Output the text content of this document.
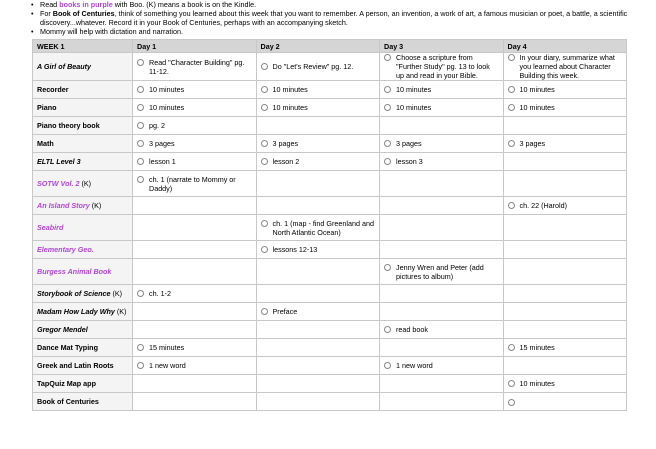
• Read books in purple with Boo. (K) means a book is on the Kindle.
• For Book of Centuries, think of something you learned about this week that you want to remember. A person, an invention, a work of art, a famous musician or poet, a battle, a scientific discovery...whatever. Record it in your Book of Centuries, perhaps with an accompanying sketch.
• Mommy will help with dictation and narration.
WEEK 1	Day 1	Day 2	Day 3	Day 4
A Girl of Beauty	Read "Character Building" pg. 11-12.	Do "Let's Review" pg. 12.	Choose a scripture from "Further Study" pg. 13 to look up and read in your Bible.	In your diary, summarize what you learned about Character Building this week.

Recorder	10 minutes	10 minutes	10 minutes	10 minutes

Piano	10 minutes	10 minutes	10 minutes	10 minutes

Piano theory book	pg. 2			

Math	3 pages	3 pages	3 pages	3 pages

ELTL Level 3	lesson 1	lesson 2	lesson 3	

SOTW Vol. 2 (K)	ch. 1 (narrate to Mommy or Daddy)			

An Island Story (K)				ch. 22 (Harold)

Seabird		ch. 1 (map - find Greenland and North Atlantic Ocean)		

Elementary Geo.		lessons 12-13		

Burgess Animal Book			Jenny Wren and Peter (add pictures to album)	

Storybook of Science (K)	ch. 1-2			

Madam How Lady Why (K)		Preface		

Gregor Mendel			read book	

Dance Mat Typing	15 minutes			15 minutes

Greek and Latin Roots	1 new word		1 new word	

TapQuiz Map app				10 minutes

Book of Centuries				
